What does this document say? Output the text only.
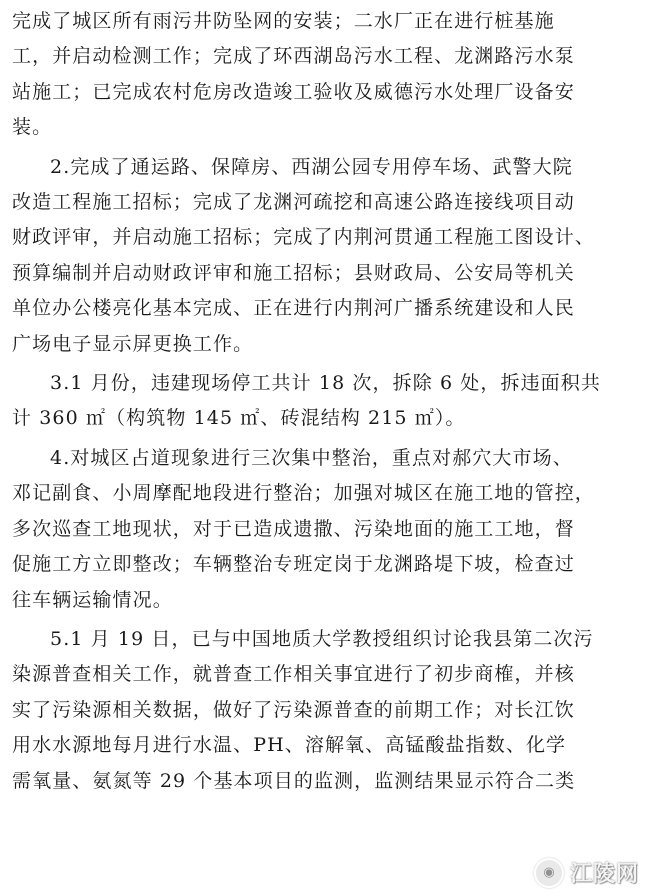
完成了城区所有雨污井防坠网的安装；二水厂正在进行桩基施
工，并启动检测工作；完成了环西湖岛污水工程、龙渊路污水泵
站施工；已完成农村危房改造竣工验收及威德污水处理厂设备安
装。
2.完成了通运路、保障房、西湖公园专用停车场、武警大院
改造工程施工招标；完成了龙渊河疏挖和高速公路连接线项目动
财政评审，并启动施工招标；完成了内荆河贯通工程施工图设计、
预算编制并启动财政评审和施工招标；县财政局、公安局等机关
单位办公楼亮化基本完成、正在进行内荆河广播系统建设和人民
广场电子显示屏更换工作。
3.1 月份，违建现场停工共计 18 次，拆除 6 处，拆违面积共
计 360 ㎡（构筑物 145 ㎡、砖混结构 215 ㎡）。
4.对城区占道现象进行三次集中整治，重点对郝穴大市场、
邓记副食、小周摩配地段进行整治；加强对城区在施工地的管控，
多次巡查工地现状，对于已造成遗撒、污染地面的施工工地，督
促施工方立即整改；车辆整治专班定岗于龙渊路堤下坡，检查过
往车辆运输情况。
5.1 月 19 日，已与中国地质大学教授组织讨论我县第二次污
染源普查相关工作，就普查工作相关事宜进行了初步商榷，并核
实了污染源相关数据，做好了污染源普查的前期工作；对长江饮
用水水源地每月进行水温、PH、溶解氧、高锰酸盐指数、化学
需氧量、氨氮等 29 个基本项目的监测，监测结果显示符合二类
◉ 江陵网
